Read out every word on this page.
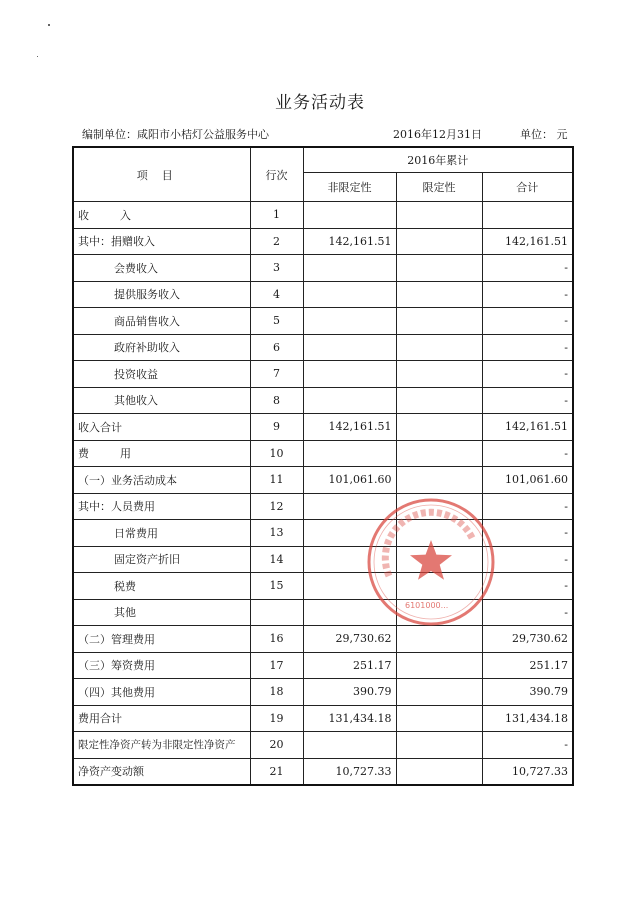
业务活动表
编制单位：咸阳市小桔灯公益服务中心	2016年12月31日	单位： 元
项目	行次	2016年累计		
		非限定性	限定性	合计
收　入	1			
其中：捐赠收入	2	142,161.51		142,161.51
会费收入	3			-
提供服务收入	4			-
商品销售收入	5			-
政府补助收入	6			-
投资收益	7			-
其他收入	8			-
收入合计	9	142,161.51		142,161.51
费　用	10			-
（一）业务活动成本	11	101,061.60		101,061.60
其中：人员费用	12			-
日常费用	13			-
固定资产折旧	14			-
税费	15			-
其他				-
（二）管理费用	16	29,730.62		29,730.62
（三）筹资费用	17	251.17		251.17
（四）其他费用	18	390.79		390.79
费用合计	19	131,434.18		131,434.18
限定性净资产转为非限定性净资产	20			-
净资产变动额	21	10,727.33		10,727.33
6101000...
